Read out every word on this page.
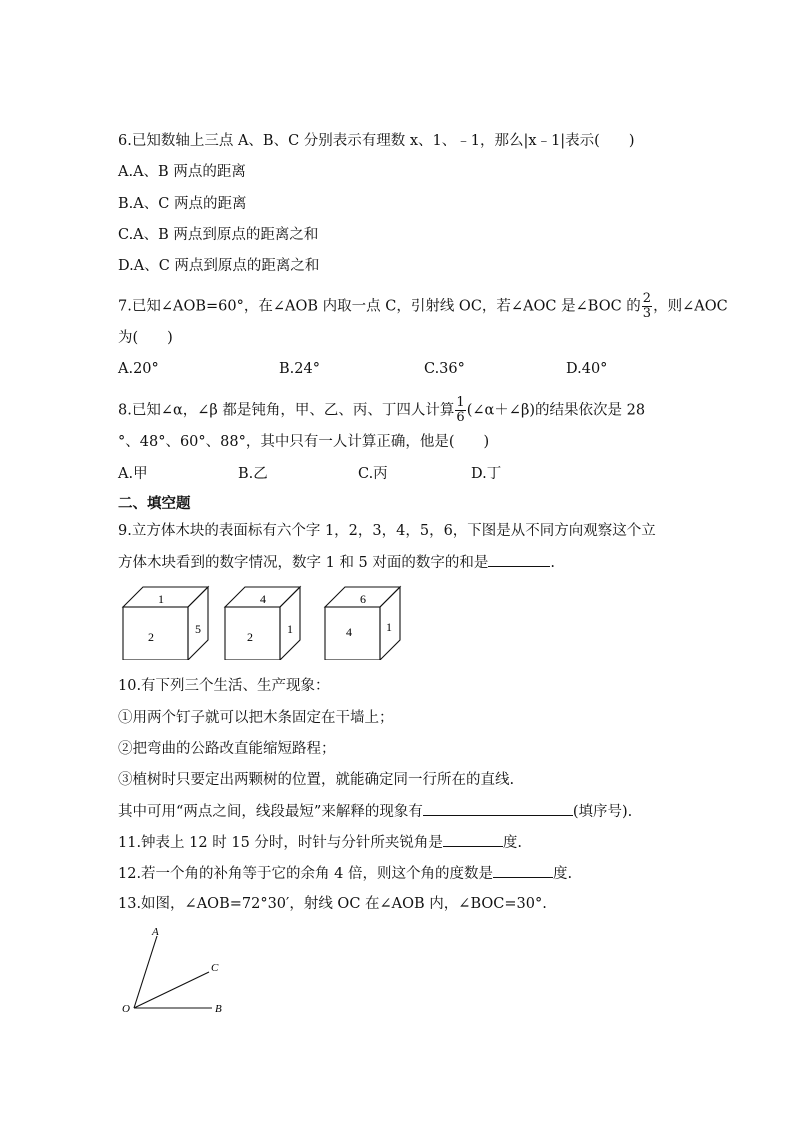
6.已知数轴上三点 A、B、C 分别表示有理数 x、1、﹣1，那么|x﹣1|表示(　　)
A.A、B 两点的距离
B.A、C 两点的距离
C.A、B 两点到原点的距离之和
D.A、C 两点到原点的距离之和
7.已知∠AOB=60°，在∠AOB 内取一点 C，引射线 OC，若∠AOC 是∠BOC 的 $\frac{2}{3}$ ，则∠AOC
为(　　)
A.20°	B.24°	C.36°	D.40°
8.已知∠α，∠β 都是钝角，甲、乙、丙、丁四人计算 $\frac{1}{6}$ (∠α＋∠β)的结果依次是 28
°、48°、60°、88°，其中只有一人计算正确，他是(　　)
A.甲	B.乙	C.丙	D.丁
二、填空题
9.立方体木块的表面标有六个字 1，2，3，4，5，6，下图是从不同方向观察这个立
方体木块看到的数字情况，数字 1 和 5 对面的数字的和是	.
1
2
5
4
2
1
6
4	1
10.有下列三个生活、生产现象：
①用两个钉子就可以把木条固定在干墙上；
②把弯曲的公路改直能缩短路程；
③植树时只要定出两颗树的位置，就能确定同一行所在的直线.
其中可用“两点之间，线段最短”来解释的现象有	(填序号).
11.钟表上 12 时 15 分时，时针与分针所夹锐角是	度.
12.若一个角的补角等于它的余角 4 倍，则这个角的度数是	度.
13.如图，∠AOB=72°30′，射线 OC 在∠AOB 内，∠BOC=30°.
A
C
O	B
